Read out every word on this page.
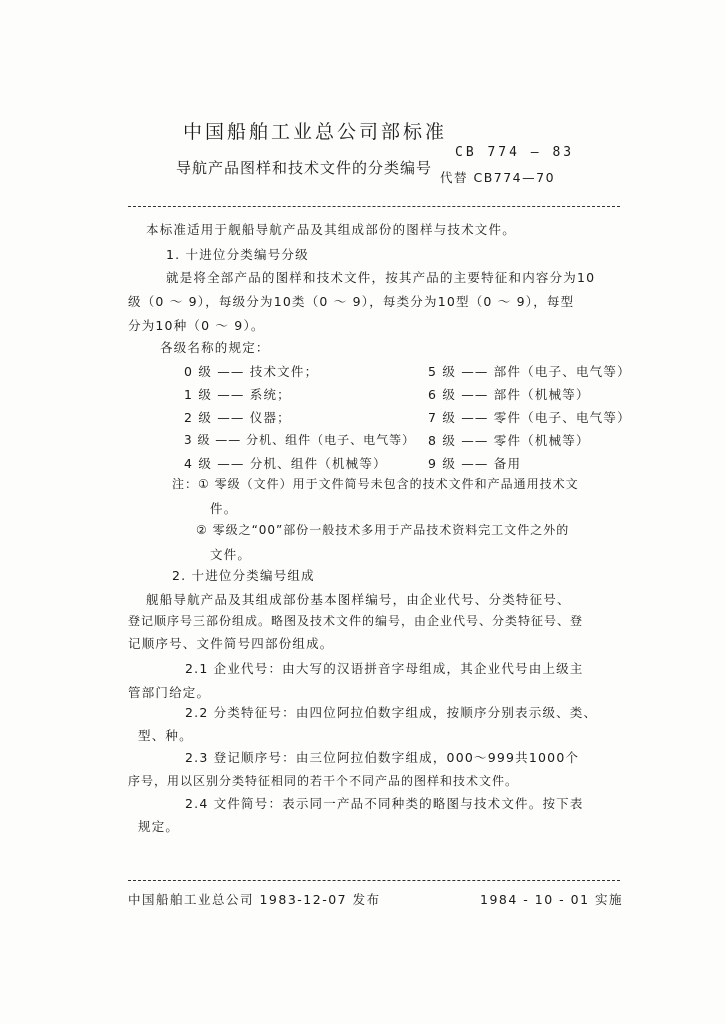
中国船舶工业总公司部标准
导航产品图样和技术文件的分类编号
CB 774 — 83
代替 CB774—70
本标准适用于舰船导航产品及其组成部份的图样与技术文件。
1. 十进位分类编号分级
就是将全部产品的图样和技术文件，按其产品的主要特征和内容分为10
级（0 ～ 9），每级分为10类（0 ～ 9），每类分为10型（0 ～ 9），每型
分为10种（0 ～ 9）。
各级名称的规定：
0 级 —— 技术文件；
1 级 —— 系统；
2 级 —— 仪器；
3 级 —— 分机、组件（电子、电气等）
4 级 —— 分机、组件（机械等）
5 级 —— 部件（电子、电气等）
6 级 —— 部件（机械等）
7 级 —— 零件（电子、电气等）
8 级 —— 零件（机械等）
9 级 —— 备用
注：① 零级（文件）用于文件简号未包含的技术文件和产品通用技术文
件。
② 零级之“00”部份一般技术多用于产品技术资料完工文件之外的
文件。
2. 十进位分类编号组成
舰船导航产品及其组成部份基本图样编号，由企业代号、分类特征号、
登记顺序号三部份组成。略图及技术文件的编号，由企业代号、分类特征号、登
记顺序号、文件简号四部份组成。
2.1 企业代号：由大写的汉语拼音字母组成，其企业代号由上级主
管部门给定。
2.2 分类特征号：由四位阿拉伯数字组成，按顺序分别表示级、类、
型、种。
2.3 登记顺序号：由三位阿拉伯数字组成，000～999共1000个
序号，用以区别分类特征相同的若干个不同产品的图样和技术文件。
2.4 文件简号：表示同一产品不同种类的略图与技术文件。按下表
规定。
中国船舶工业总公司 1983-12-07 发布	1984 - 10 - 01 实施
